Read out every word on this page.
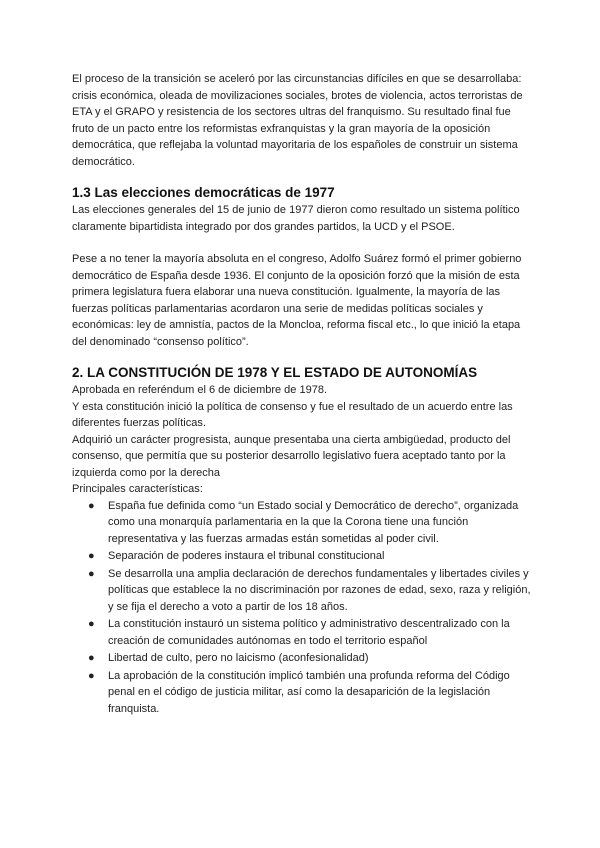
El proceso de la transición se aceleró por las circunstancias difíciles en que se desarrollaba: crisis económica, oleada de movilizaciones sociales, brotes de violencia, actos terroristas de ETA y el GRAPO y resistencia de los sectores ultras del franquismo. Su resultado final fue fruto de un pacto entre los reformistas exfranquistas y la gran mayoría de la oposición democrática, que reflejaba la voluntad mayoritaria de los españoles de construir un sistema democrático.

1.3 Las elecciones democráticas de 1977

Las elecciones generales del 15 de junio de 1977 dieron como resultado un sistema político claramente bipartidista integrado por dos grandes partidos, la UCD y el PSOE.

Pese a no tener la mayoría absoluta en el congreso, Adolfo Suárez formó el primer gobierno democrático de España desde 1936. El conjunto de la oposición forzó que la misión de esta primera legislatura fuera elaborar una nueva constitución. Igualmente, la mayoría de las fuerzas políticas parlamentarias acordaron una serie de medidas políticas sociales y económicas: ley de amnistía, pactos de la Moncloa, reforma fiscal etc., lo que inició la etapa del denominado “consenso político”.

2. LA CONSTITUCIÓN DE 1978 Y EL ESTADO DE AUTONOMÍAS

Aprobada en referéndum el 6 de diciembre de 1978.

Y esta constitución inició la política de consenso y fue el resultado de un acuerdo entre las diferentes fuerzas políticas.

Adquirió un carácter progresista, aunque presentaba una cierta ambigüedad, producto del consenso, que permitía que su posterior desarrollo legislativo fuera aceptado tanto por la izquierda como por la derecha

Principales características:

● España fue definida como “un Estado social y Democrático de derecho”, organizada como una monarquía parlamentaria en la que la Corona tiene una función representativa y las fuerzas armadas están sometidas al poder civil.
● Separación de poderes instaura el tribunal constitucional
● Se desarrolla una amplia declaración de derechos fundamentales y libertades civiles y políticas que establece la no discriminación por razones de edad, sexo, raza y religión, y se fija el derecho a voto a partir de los 18 años.
● La constitución instauró un sistema político y administrativo descentralizado con la creación de comunidades autónomas en todo el territorio español
● Libertad de culto, pero no laicismo (aconfesionalidad)
● La aprobación de la constitución implicó también una profunda reforma del Código penal en el código de justicia militar, así como la desaparición de la legislación franquista.
